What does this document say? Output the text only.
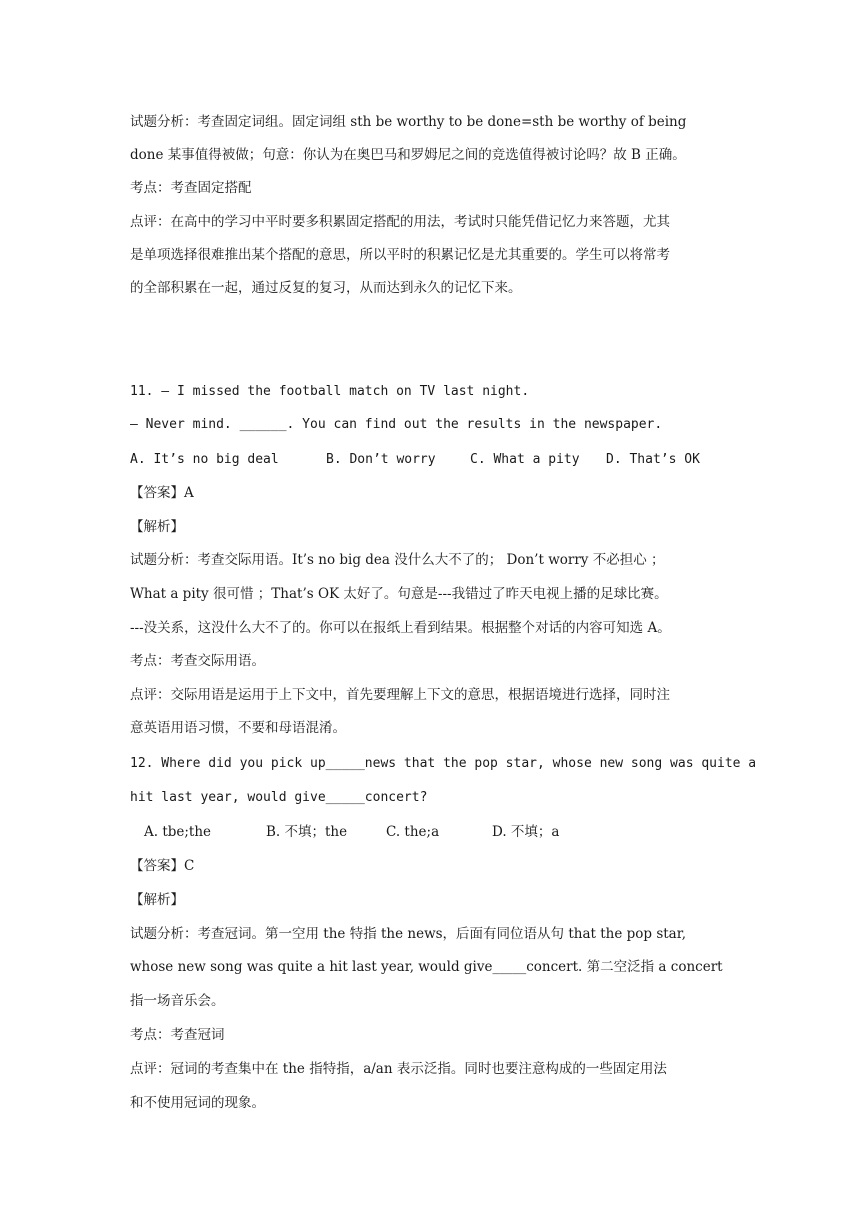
试题分析：考查固定词组。固定词组 sth be worthy to be done=sth be worthy of being
done 某事值得被做；句意：你认为在奥巴马和罗姆尼之间的竞选值得被讨论吗？故 B 正确。
考点：考查固定搭配
点评：在高中的学习中平时要多积累固定搭配的用法，考试时只能凭借记忆力来答题，尤其
是单项选择很难推出某个搭配的意思，所以平时的积累记忆是尤其重要的。学生可以将常考
的全部积累在一起，通过反复的复习，从而达到永久的记忆下来。
11. — I missed the football match on TV last night.
— Never mind. ______. You can find out the results in the newspaper.
A. It’s no big deal	B. Don’t worry	C. What a pity D. That’s OK
【答案】A
【解析】
试题分析：考查交际用语。It’s no big dea 没什么大不了的； Don’t worry 不必担心 ；
What a pity 很可惜 ；That’s OK 太好了。句意是---我错过了昨天电视上播的足球比赛。
---没关系，这没什么大不了的。你可以在报纸上看到结果。根据整个对话的内容可知选 A。
考点：考查交际用语。
点评：交际用语是运用于上下文中，首先要理解上下文的意思，根据语境进行选择，同时注
意英语用语习惯，不要和母语混淆。
12. Where did you pick up_____news that the pop star, whose new song was quite a
hit last year, would give_____concert?
A. tbe;the	B. 不填；the	C. the;a	D. 不填；a
【答案】C
【解析】
试题分析：考查冠词。第一空用 the 特指 the news，后面有同位语从句 that the pop star,
whose new song was quite a hit last year, would give_____concert. 第二空泛指 a concert
指一场音乐会。
考点：考查冠词
点评：冠词的考查集中在 the 指特指，a/an 表示泛指。同时也要注意构成的一些固定用法
和不使用冠词的现象。
